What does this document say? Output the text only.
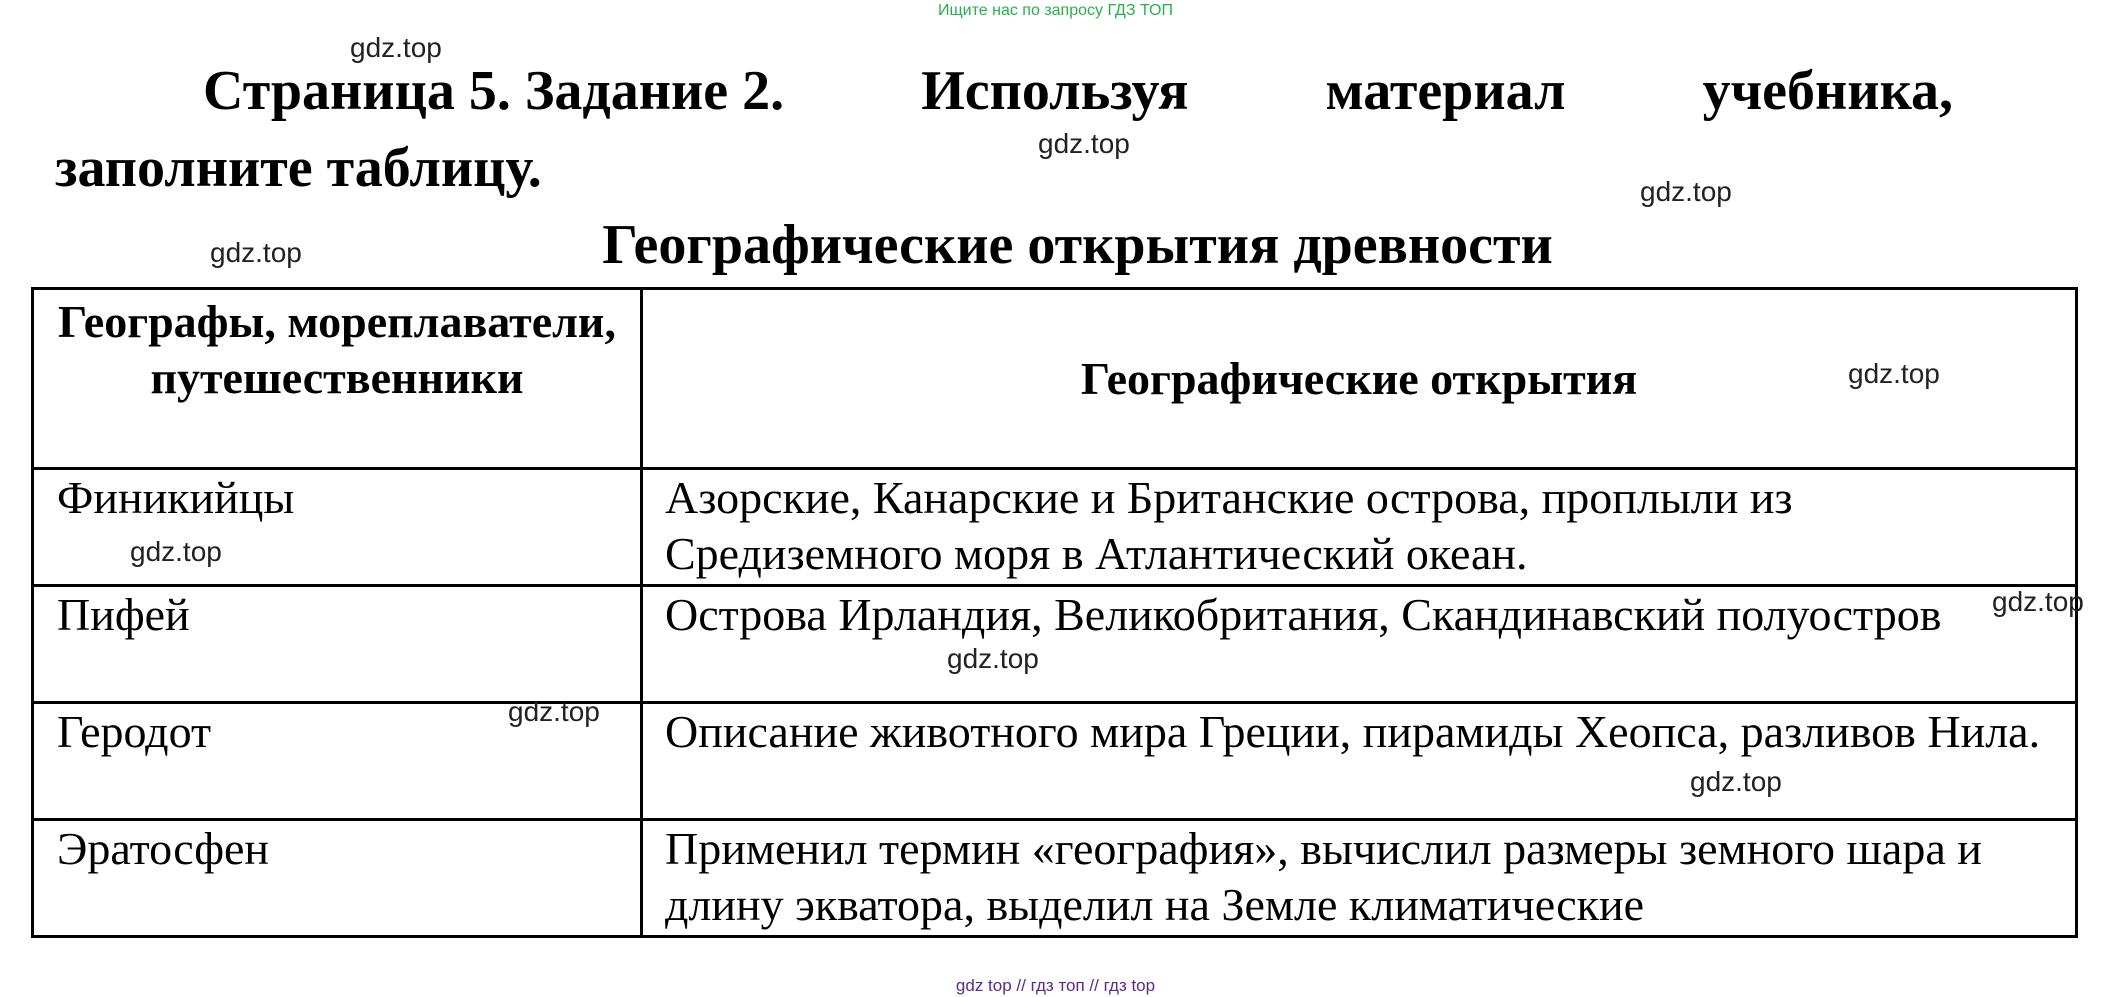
Ищите нас по запросу ГДЗ ТОП
gdz.top
gdz.top
gdz.top
gdz.top
gdz.top
gdz.top
gdz.top
gdz.top
gdz.top
gdz.top
Страница 5. Задание 2. Используя материал учебника,
заполните таблицу.
Географические открытия древности
Географы, мореплаватели, путешественники	Географические открытия
Финикийцы	Азорские, Канарские и Британские острова, проплыли из Средиземного моря в Атлантический океан.
Пифей	Острова Ирландия, Великобритания, Скандинавский полуостров
Геродот	Описание животного мира Греции, пирамиды Хеопса, разливов Нила.
Эратосфен	Применил термин «география», вычислил размеры земного шара и длину экватора, выделил на Земле климатические
gdz top // гдз топ // гдз top
